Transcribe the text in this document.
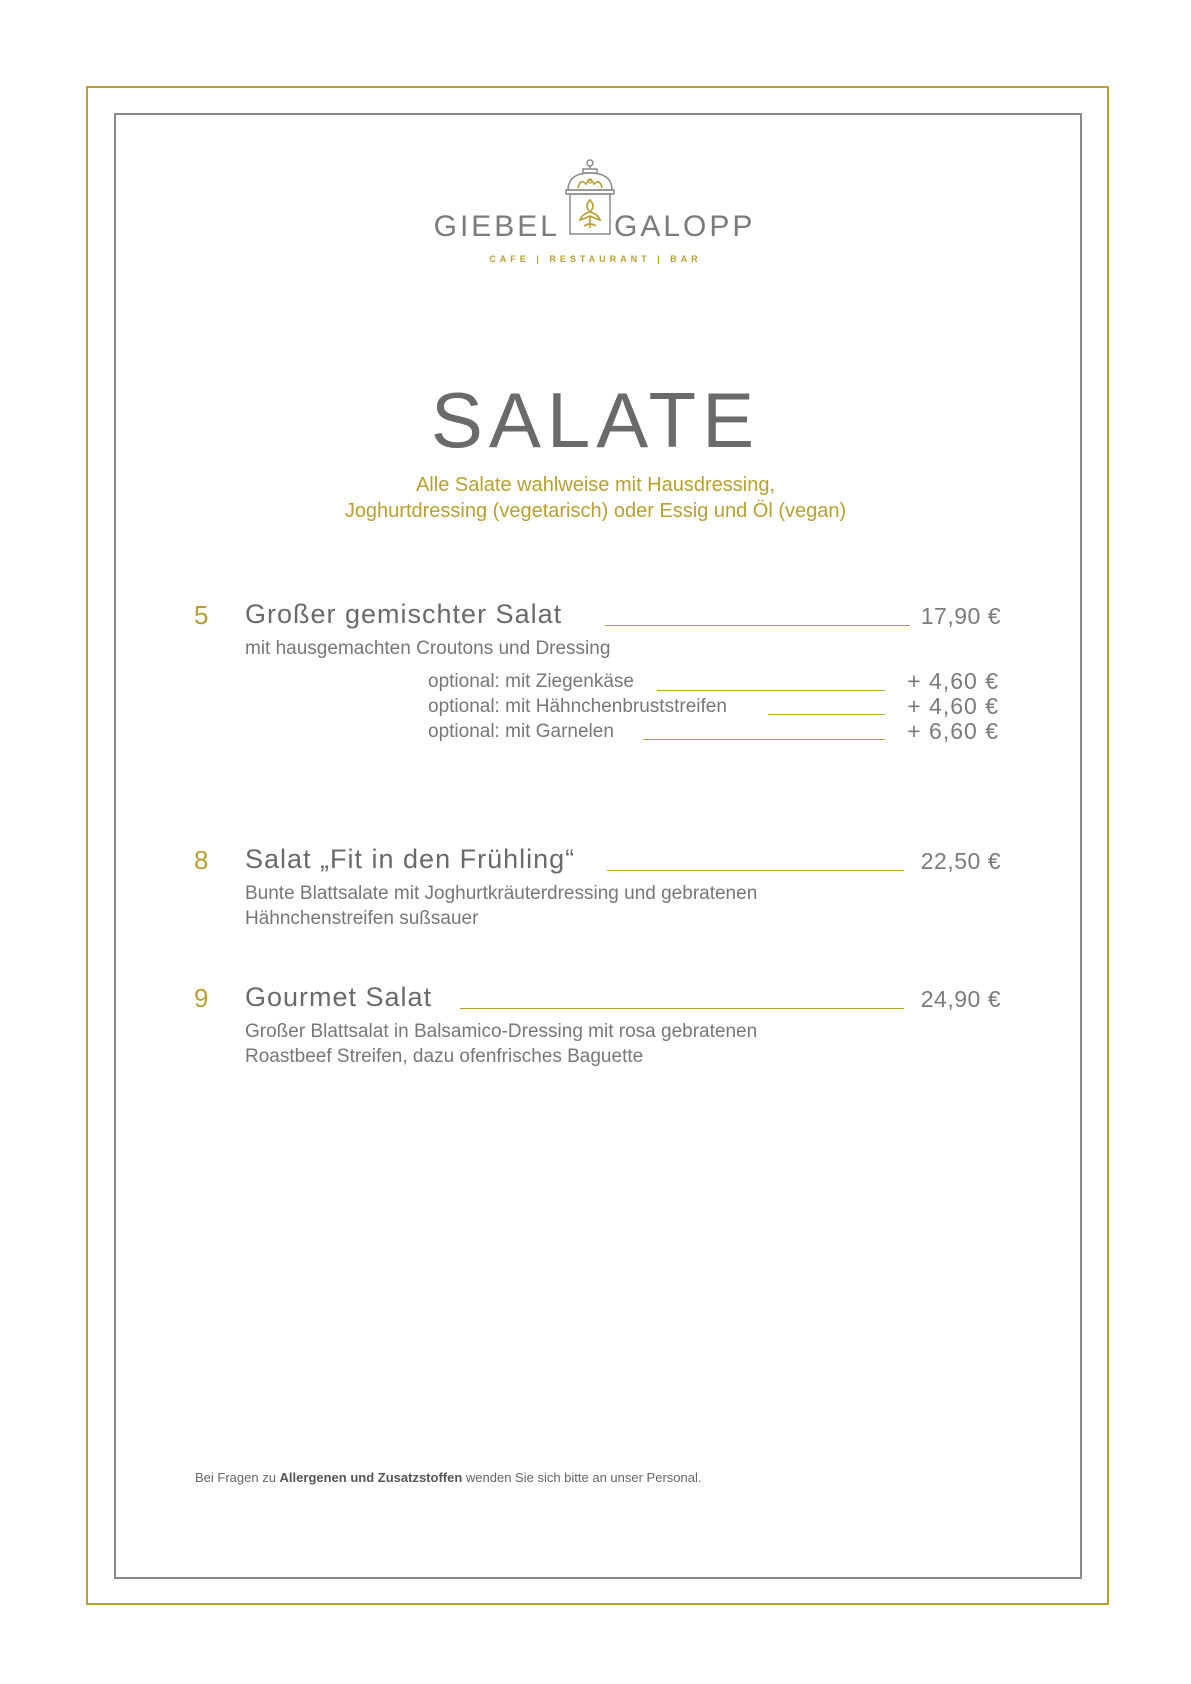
GIEBEL GALOPP
CAFE | RESTAURANT | BAR
SALATE
Alle Salate wahlweise mit Hausdressing,
Joghurtdressing (vegetarisch) oder Essig und Öl (vegan)
5 Großer gemischter Salat	17,90 €
mit hausgemachten Croutons und Dressing
optional: mit Ziegenkäse	+ 4,60 €
optional: mit Hähnchenbruststreifen	+ 4,60 €
optional: mit Garnelen	+ 6,60 €
8 Salat „Fit in den Frühling“	22,50 €
Bunte Blattsalate mit Joghurtkräuterdressing und gebratenen
Hähnchenstreifen sußsauer
9 Gourmet Salat	24,90 €
Großer Blattsalat in Balsamico-Dressing mit rosa gebratenen
Roastbeef Streifen, dazu ofenfrisches Baguette
Bei Fragen zu Allergenen und Zusatzstoffen wenden Sie sich bitte an unser Personal.
